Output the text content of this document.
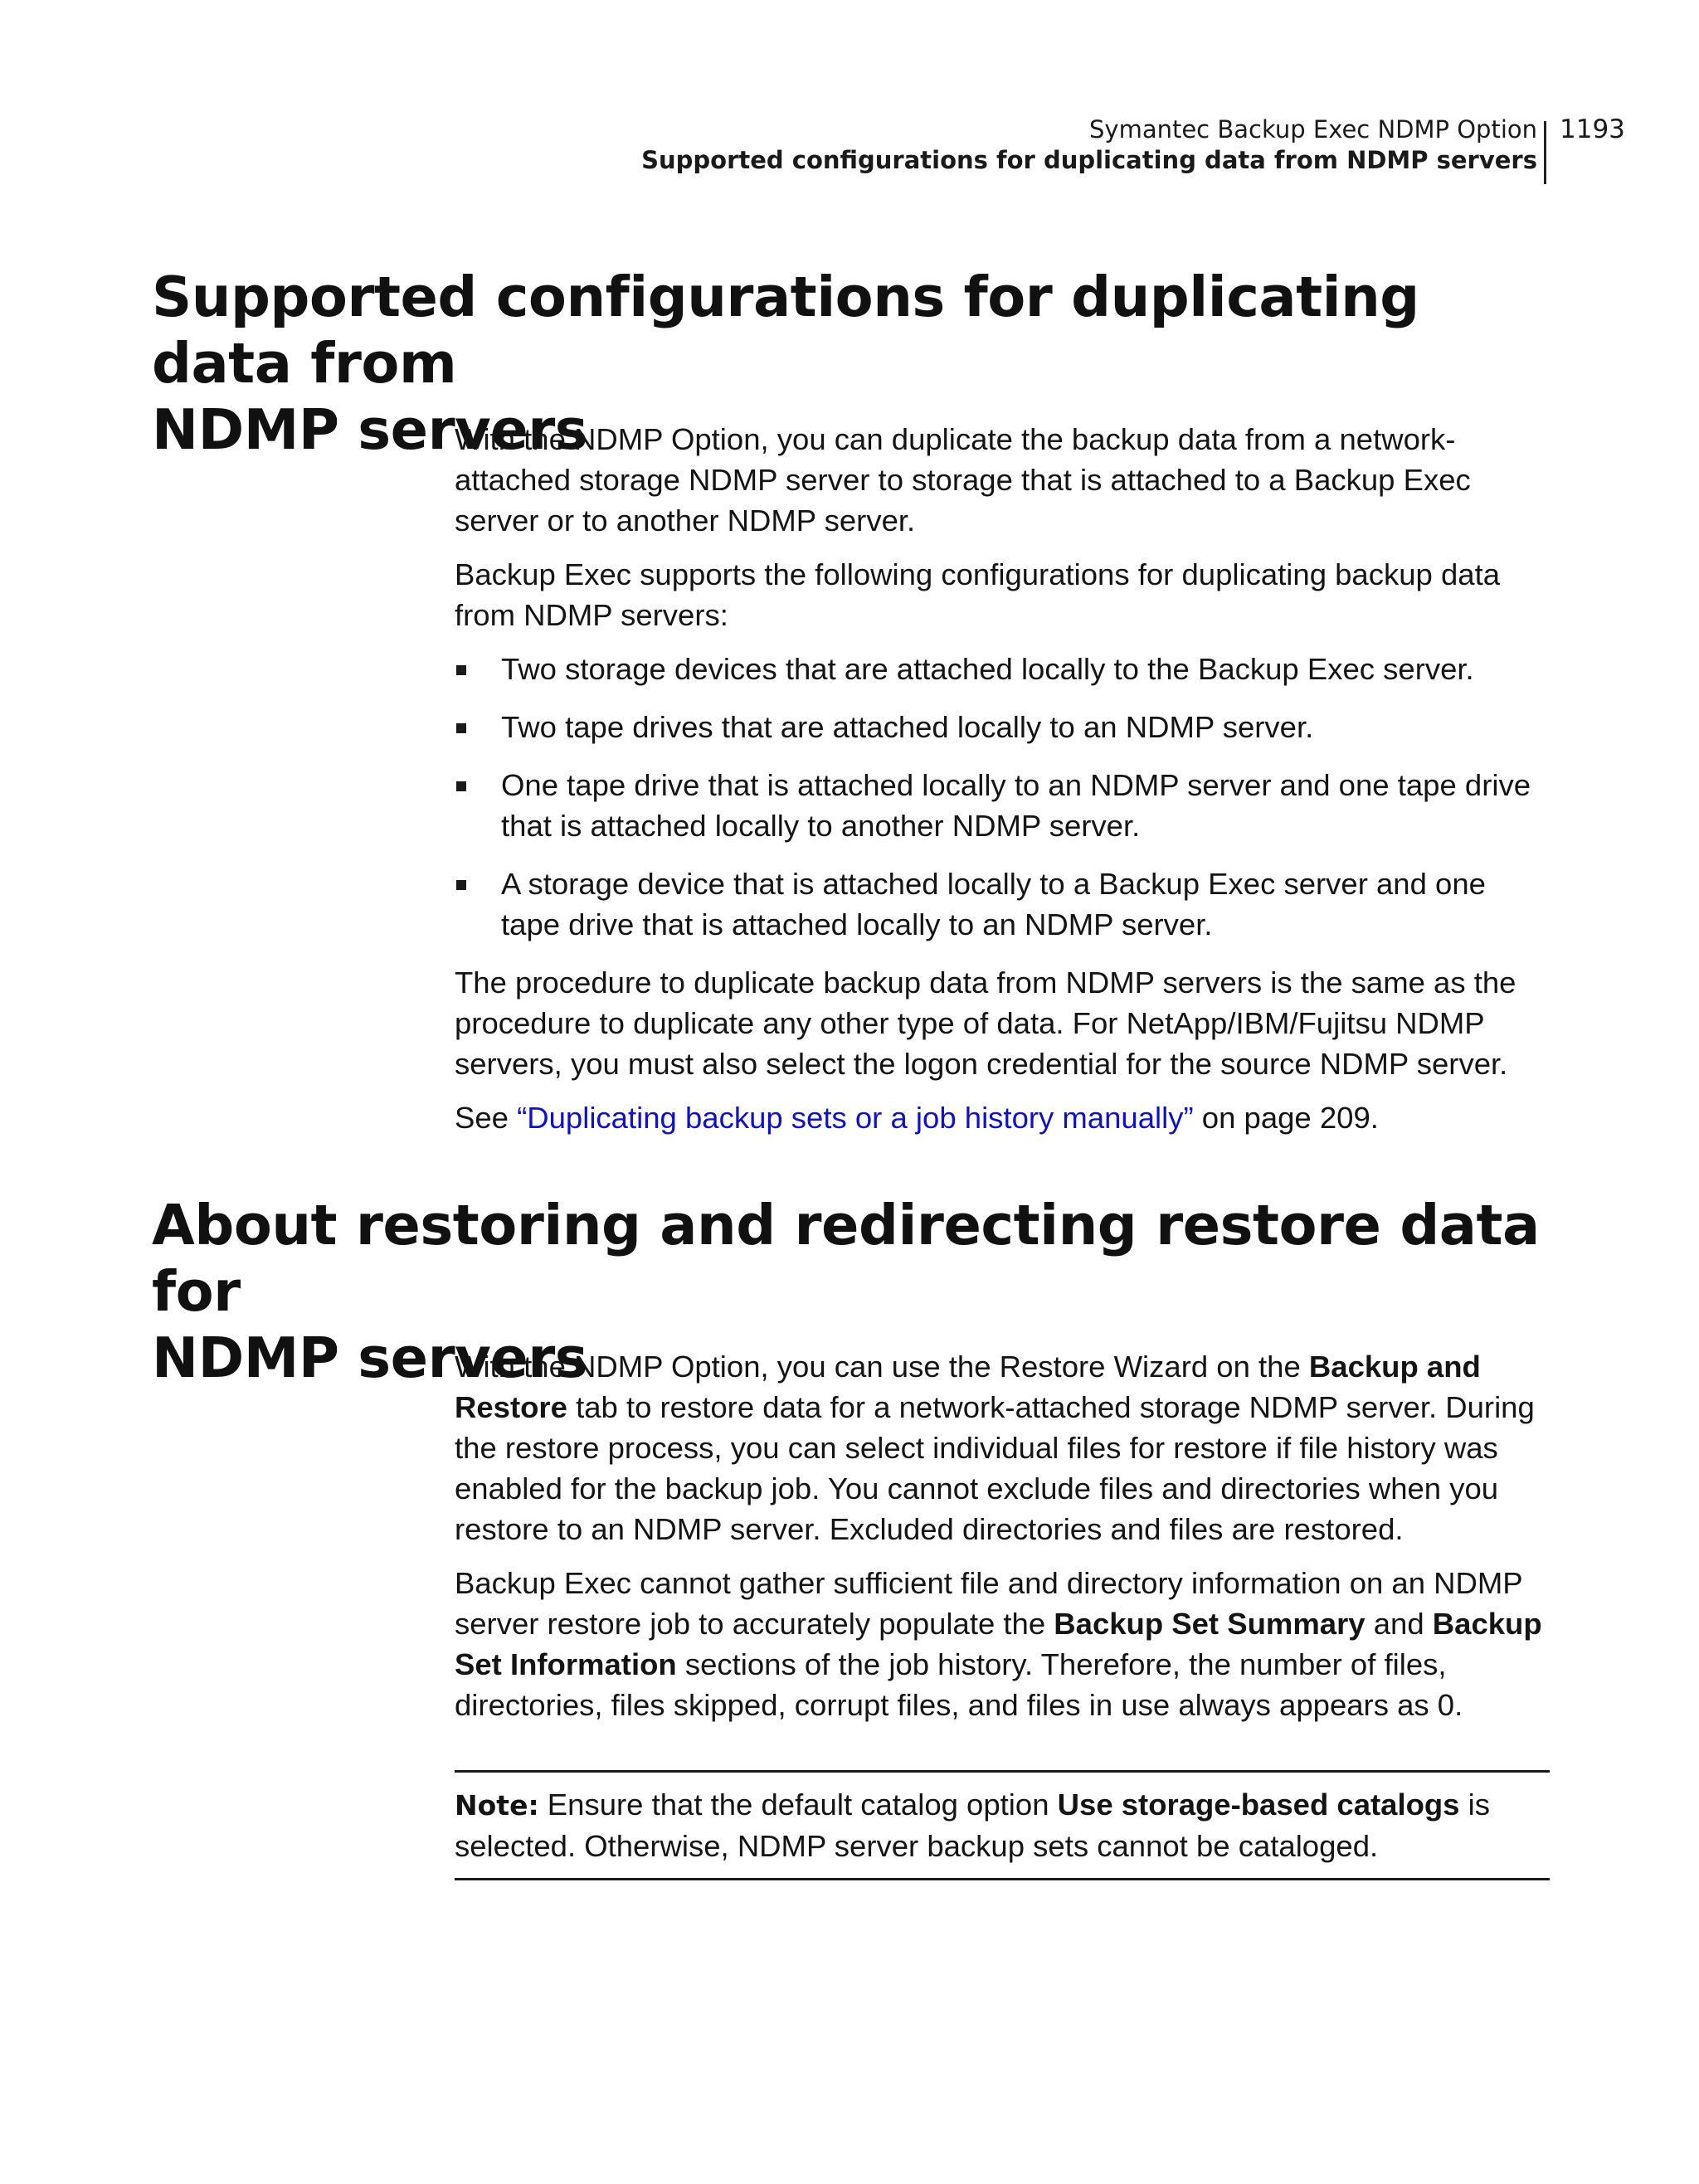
Symantec Backup Exec NDMP Option
Supported configurations for duplicating data from NDMP servers
1193
Supported configurations for duplicating data from
NDMP servers

With the NDMP Option, you can duplicate the backup data from a network-attached storage NDMP server to storage that is attached to a Backup Exec server or to another NDMP server.

Backup Exec supports the following configurations for duplicating backup data from NDMP servers:

Two storage devices that are attached locally to the Backup Exec server.
Two tape drives that are attached locally to an NDMP server.
One tape drive that is attached locally to an NDMP server and one tape drive that is attached locally to another NDMP server.
A storage device that is attached locally to a Backup Exec server and one tape drive that is attached locally to an NDMP server.

The procedure to duplicate backup data from NDMP servers is the same as the procedure to duplicate any other type of data. For NetApp/IBM/Fujitsu NDMP servers, you must also select the logon credential for the source NDMP server.

See “Duplicating backup sets or a job history manually” on page 209.

About restoring and redirecting restore data for
NDMP servers

With the NDMP Option, you can use the Restore Wizard on the Backup and Restore tab to restore data for a network-attached storage NDMP server. During the restore process, you can select individual files for restore if file history was enabled for the backup job. You cannot exclude files and directories when you restore to an NDMP server. Excluded directories and files are restored.

Backup Exec cannot gather sufficient file and directory information on an NDMP server restore job to accurately populate the Backup Set Summary and Backup Set Information sections of the job history. Therefore, the number of files, directories, files skipped, corrupt files, and files in use always appears as 0.

Note: Ensure that the default catalog option Use storage-based catalogs is selected. Otherwise, NDMP server backup sets cannot be cataloged.
